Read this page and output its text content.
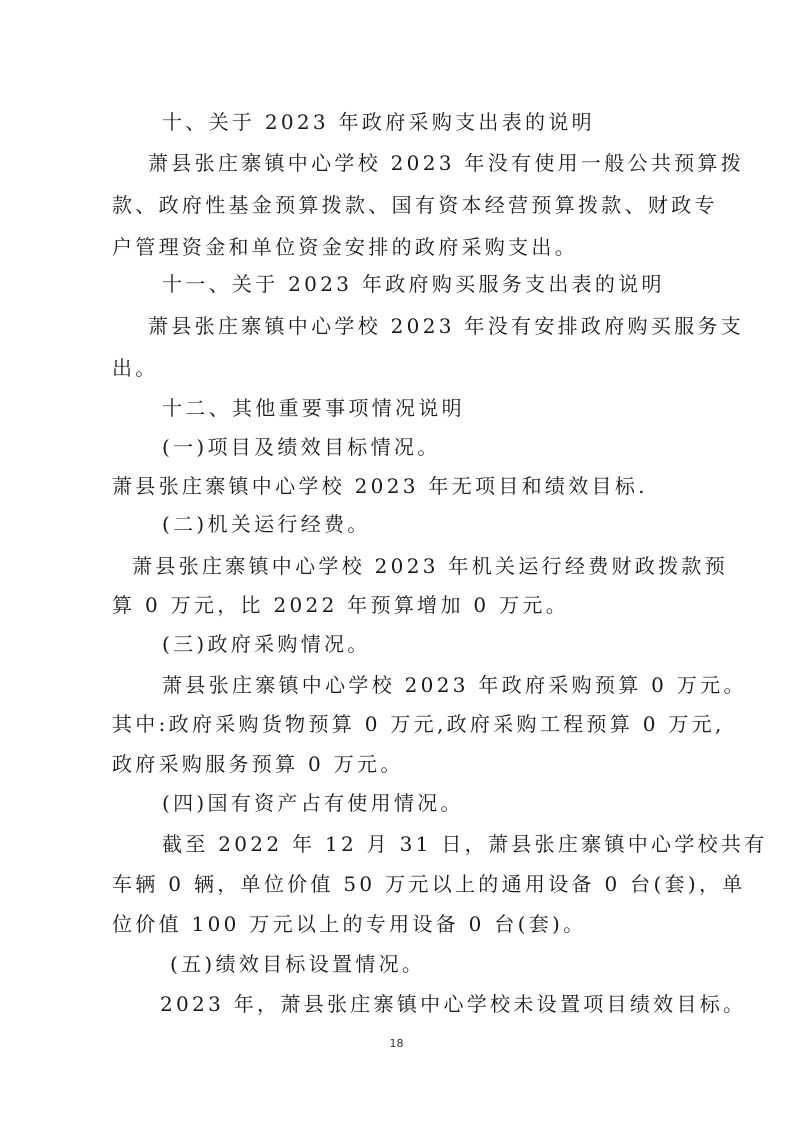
十、关于 2023 年政府采购支出表的说明

萧县张庄寨镇中心学校 2023 年没有使用一般公共预算拨

款、政府性基金预算拨款、国有资本经营预算拨款、财政专

户管理资金和单位资金安排的政府采购支出。

十一、关于 2023 年政府购买服务支出表的说明

萧县张庄寨镇中心学校 2023 年没有安排政府购买服务支

出。

十二、其他重要事项情况说明

(一)项目及绩效目标情况。

萧县张庄寨镇中心学校 2023 年无项目和绩效目标.

(二)机关运行经费。

萧县张庄寨镇中心学校 2023 年机关运行经费财政拨款预

算 0 万元，比 2022 年预算增加 0 万元。

(三)政府采购情况。

萧县张庄寨镇中心学校 2023 年政府采购预算 0 万元。

其中:政府采购货物预算 0 万元,政府采购工程预算 0 万元,

政府采购服务预算 0 万元。

(四)国有资产占有使用情况。

截至 2022 年 12 月 31 日，萧县张庄寨镇中心学校共有

车辆 0 辆，单位价值 50 万元以上的通用设备 0 台(套)，单

位价值 100 万元以上的专用设备 0 台(套)。

(五)绩效目标设置情况。

2023 年，萧县张庄寨镇中心学校未设置项目绩效目标。

18
